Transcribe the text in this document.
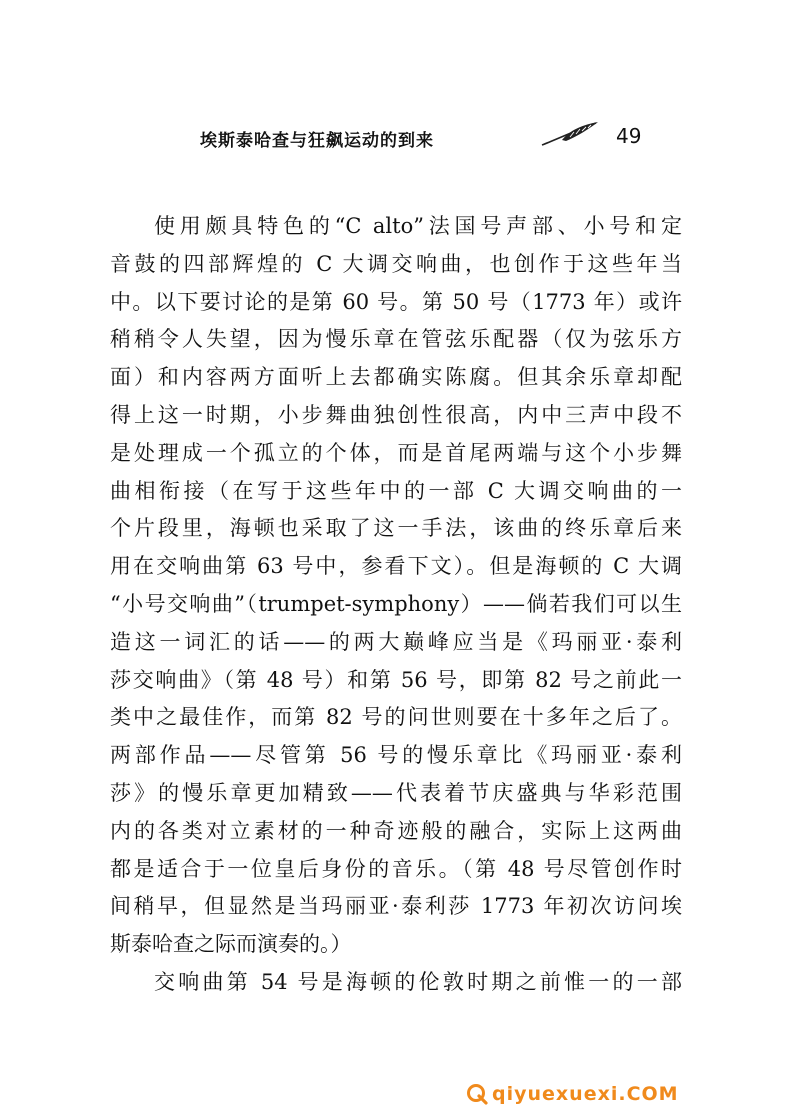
埃斯泰哈查与狂飙运动的到来	49
使用颇具特色的“C alto”法国号声部、小号和定
音鼓的四部辉煌的 C 大调交响曲，也创作于这些年当
中。以下要讨论的是第 60 号。第 50 号（1773 年）或许
稍稍令人失望，因为慢乐章在管弦乐配器（仅为弦乐方
面）和内容两方面听上去都确实陈腐。但其余乐章却配
得上这一时期，小步舞曲独创性很高，内中三声中段不
是处理成一个孤立的个体，而是首尾两端与这个小步舞
曲相衔接（在写于这些年中的一部 C 大调交响曲的一
个片段里，海顿也采取了这一手法，该曲的终乐章后来
用在交响曲第 63 号中，参看下文）。但是海顿的 C 大调
“小号交响曲”（trumpet-symphony）——倘若我们可以生
造这一词汇的话——的两大巅峰应当是《玛丽亚·泰利
莎交响曲》（第 48 号）和第 56 号，即第 82 号之前此一
类中之最佳作，而第 82 号的问世则要在十多年之后了。
两部作品——尽管第 56 号的慢乐章比《玛丽亚·泰利
莎》的慢乐章更加精致——代表着节庆盛典与华彩范围
内的各类对立素材的一种奇迹般的融合，实际上这两曲
都是适合于一位皇后身份的音乐。（第 48 号尽管创作时
间稍早，但显然是当玛丽亚·泰利莎 1773 年初次访问埃
斯泰哈查之际而演奏的。）
交响曲第 54 号是海顿的伦敦时期之前惟一的一部
qiyuexuexi.COM
